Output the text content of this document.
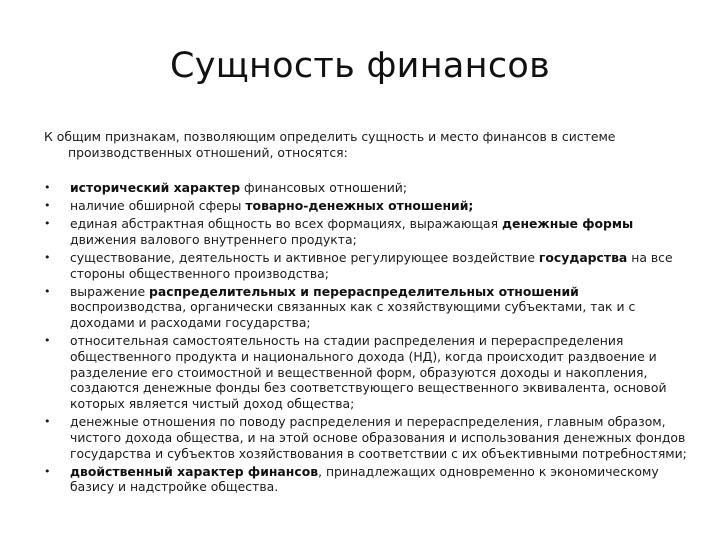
Сущность финансов
К общим признакам, позволяющим определить сущность и место финансов в системе производственных отношений, относятся:
•	исторический характер финансовых отношений;
•	наличие обширной сферы товарно-денежных отношений;
•	единая абстрактная общность во всех формациях, выражающая денежные формы движения валового внутреннего продукта;
•	существование, деятельность и активное регулирующее воздействие государства на все стороны общественного производства;
•	выражение распределительных и перераспределительных отношений воспроизводства, органически связанных как с хозяйствующими субъектами, так и с доходами и расходами государства;
•	относительная самостоятельность на стадии распределения и перераспределения общественного продукта и национального дохода (НД), когда происходит раздвоение и разделение его стоимостной и вещественной форм, образуются доходы и накопления, создаются денежные фонды без соответствующего вещественного эквивалента, основой которых является чистый доход общества;
•	денежные отношения по поводу распределения и перераспределения, главным образом, чистого дохода общества, и на этой основе образования и использования денежных фондов государства и субъектов хозяйствования в соответствии с их объективными потребностями;
•	двойственный характер финансов, принадлежащих одновременно к экономическому базису и надстройке общества.
